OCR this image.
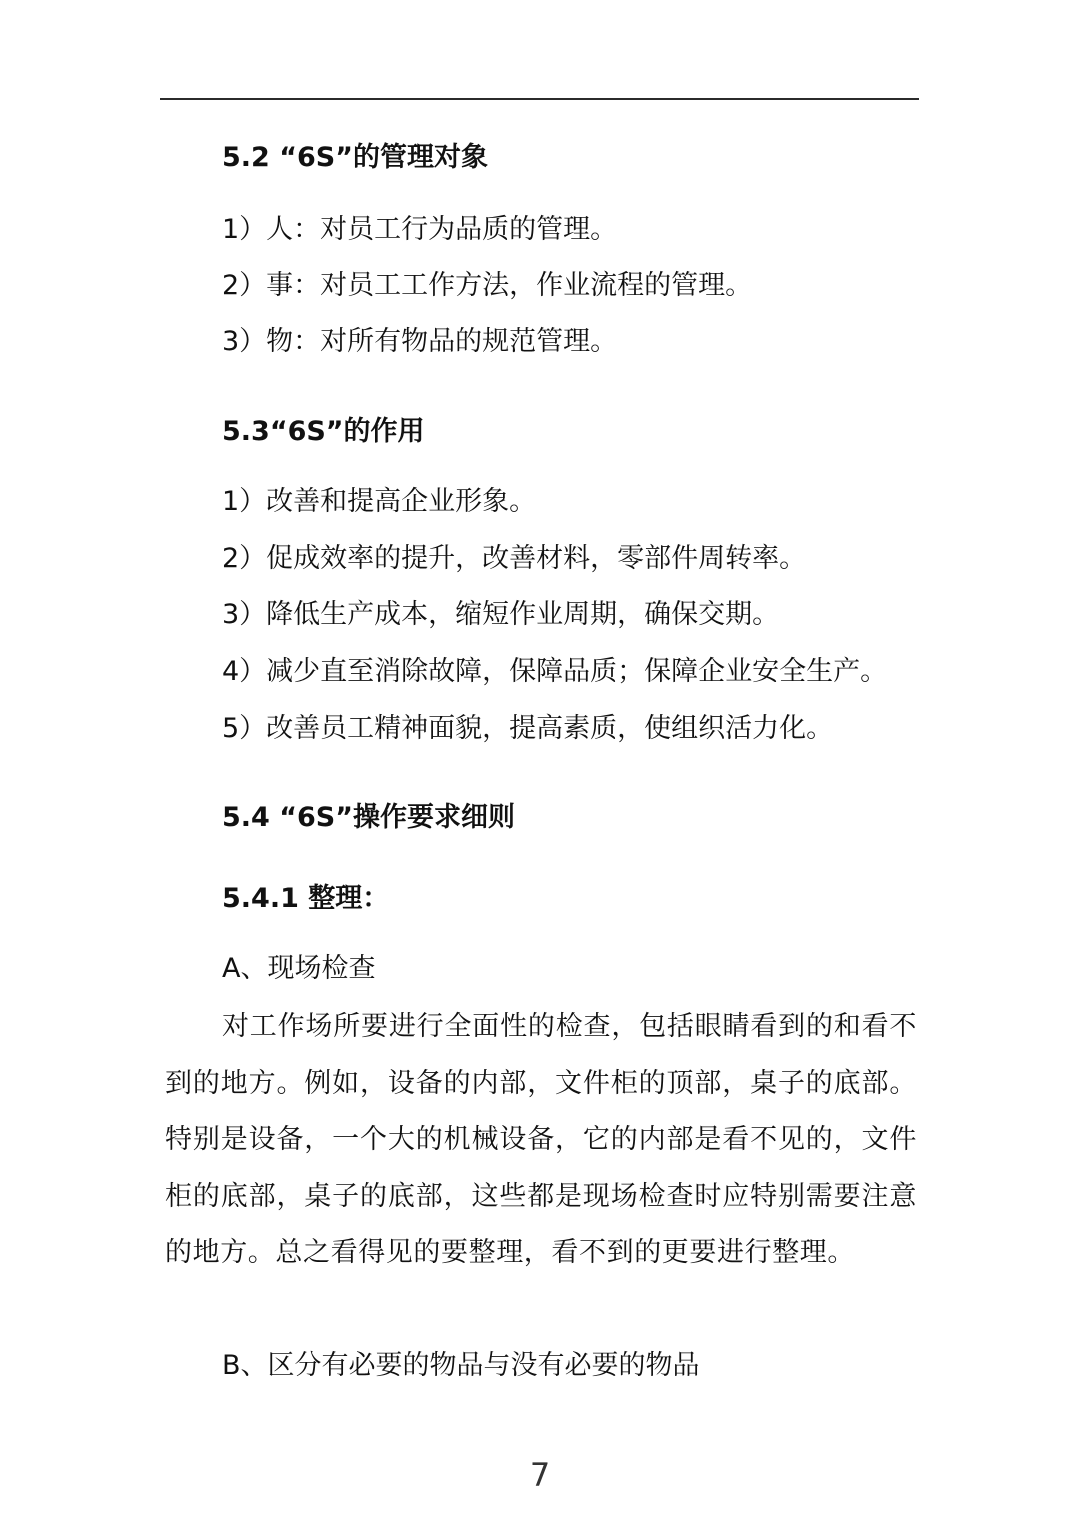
5.2 “6S”的管理对象
1）人：对员工行为品质的管理。
2）事：对员工工作方法，作业流程的管理。
3）物：对所有物品的规范管理。
5.3“6S”的作用
1）改善和提高企业形象。
2）促成效率的提升，改善材料，零部件周转率。
3）降低生产成本，缩短作业周期，确保交期。
4）减少直至消除故障，保障品质；保障企业安全生产。
5）改善员工精神面貌，提高素质，使组织活力化。
5.4 “6S”操作要求细则
5.4.1 整理：
A、现场检查
对工作场所要进行全面性的检查，包括眼睛看到的和看不到的地方。例如，设备的内部，文件柜的顶部，桌子的底部。特别是设备，一个大的机械设备，它的内部是看不见的，文件柜的底部，桌子的底部，这些都是现场检查时应特别需要注意的地方。总之看得见的要整理，看不到的更要进行整理。
B、区分有必要的物品与没有必要的物品
7
